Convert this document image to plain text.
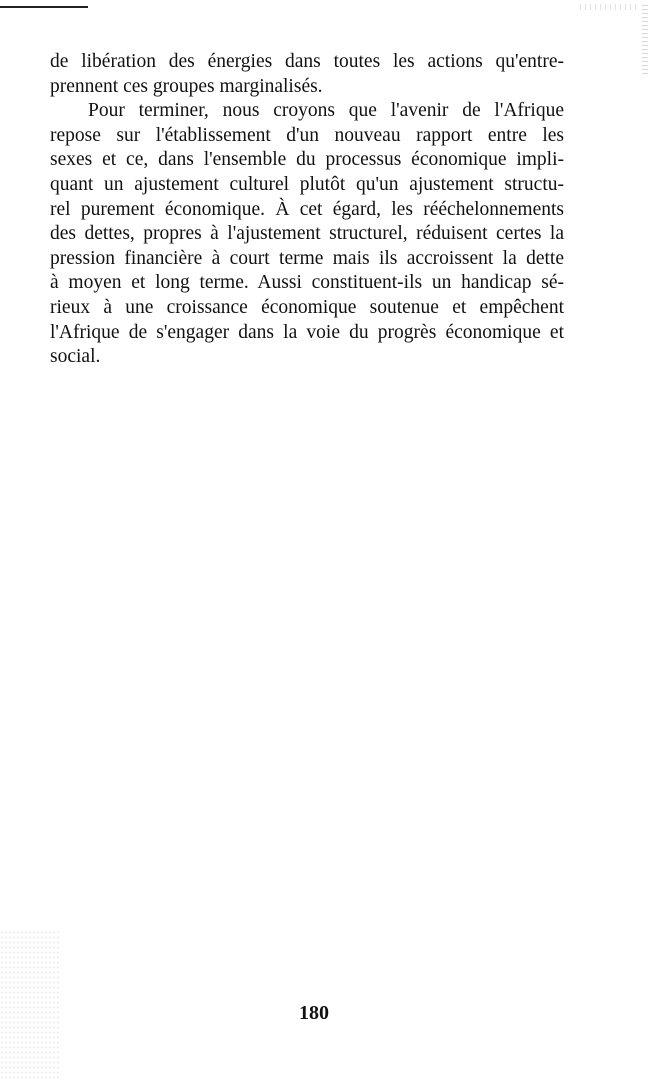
de libération des énergies dans toutes les actions qu'entre-
prennent ces groupes marginalisés.
Pour terminer, nous croyons que l'avenir de l'Afrique
repose sur l'établissement d'un nouveau rapport entre les
sexes et ce, dans l'ensemble du processus économique impli-
quant un ajustement culturel plutôt qu'un ajustement structu-
rel purement économique. À cet égard, les rééchelonnements
des dettes, propres à l'ajustement structurel, réduisent certes la
pression financière à court terme mais ils accroissent la dette
à moyen et long terme. Aussi constituent-ils un handicap sé-
rieux à une croissance économique soutenue et empêchent
l'Afrique de s'engager dans la voie du progrès économique et
social.
180
